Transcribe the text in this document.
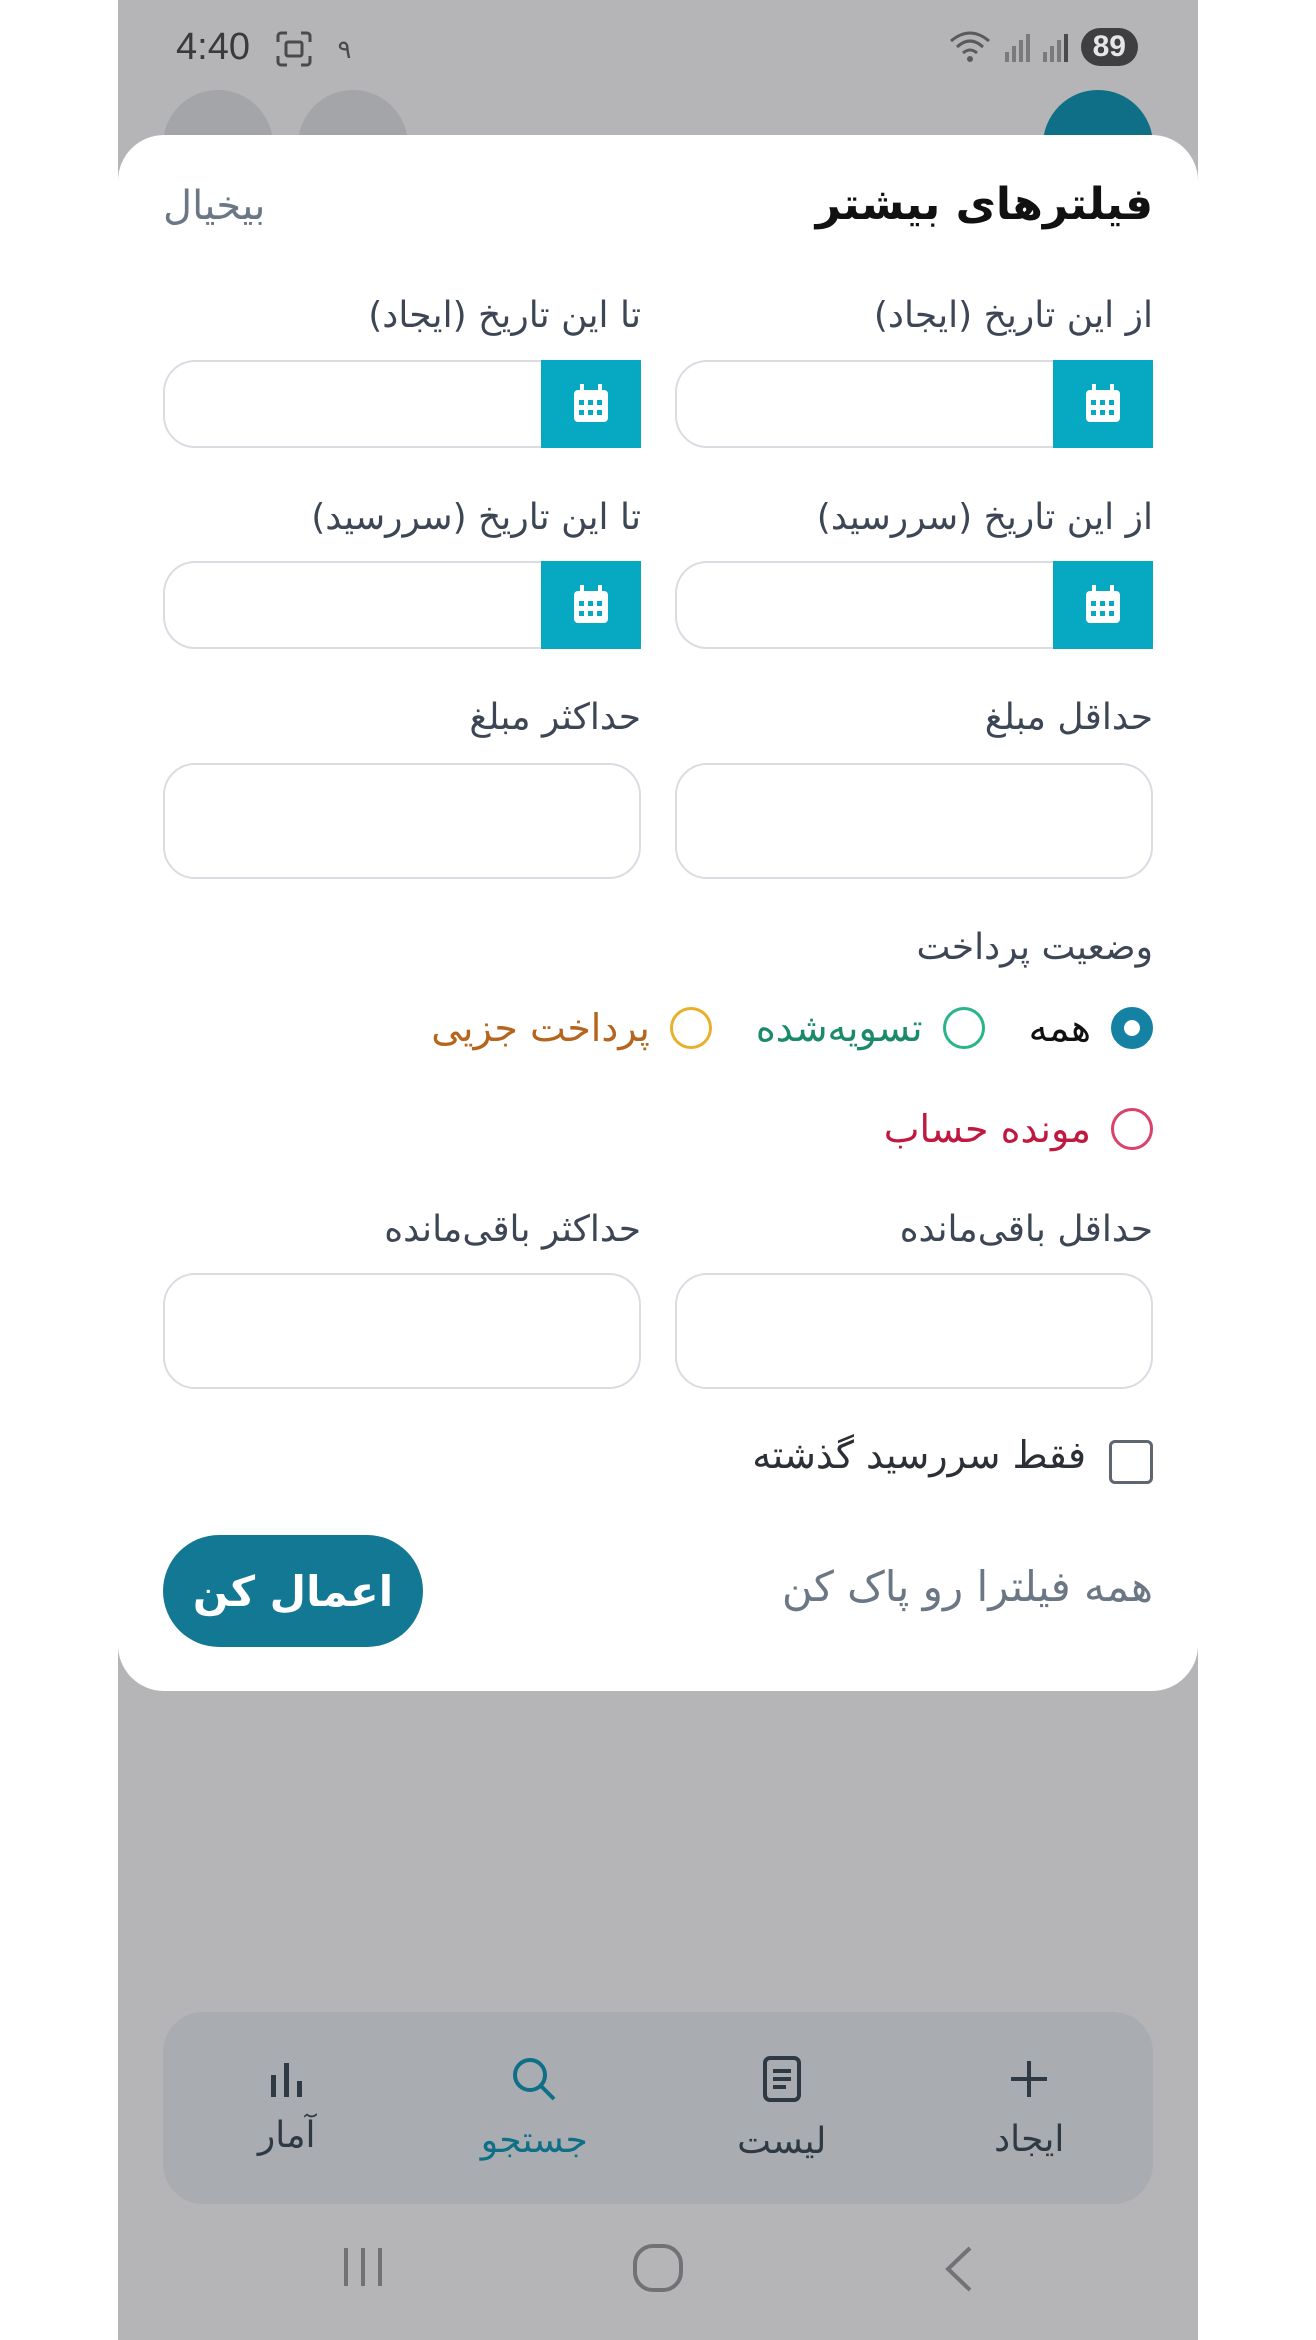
4:40	۹	89
فیلترهای بیشتر
بیخیال
از این تاریخ (ایجاد)
تا این تاریخ (ایجاد)
از این تاریخ (سررسید)
تا این تاریخ (سررسید)
حداقل مبلغ
حداکثر مبلغ
وضعیت پرداخت
همه
تسویه‌شده
پرداخت جزیی
مونده حساب
حداقل باقی‌مانده
حداکثر باقی‌مانده
فقط سررسید گذشته
همه فیلترا رو پاک کن
اعمال کن
ایجاد
لیست
جستجو
آمار
